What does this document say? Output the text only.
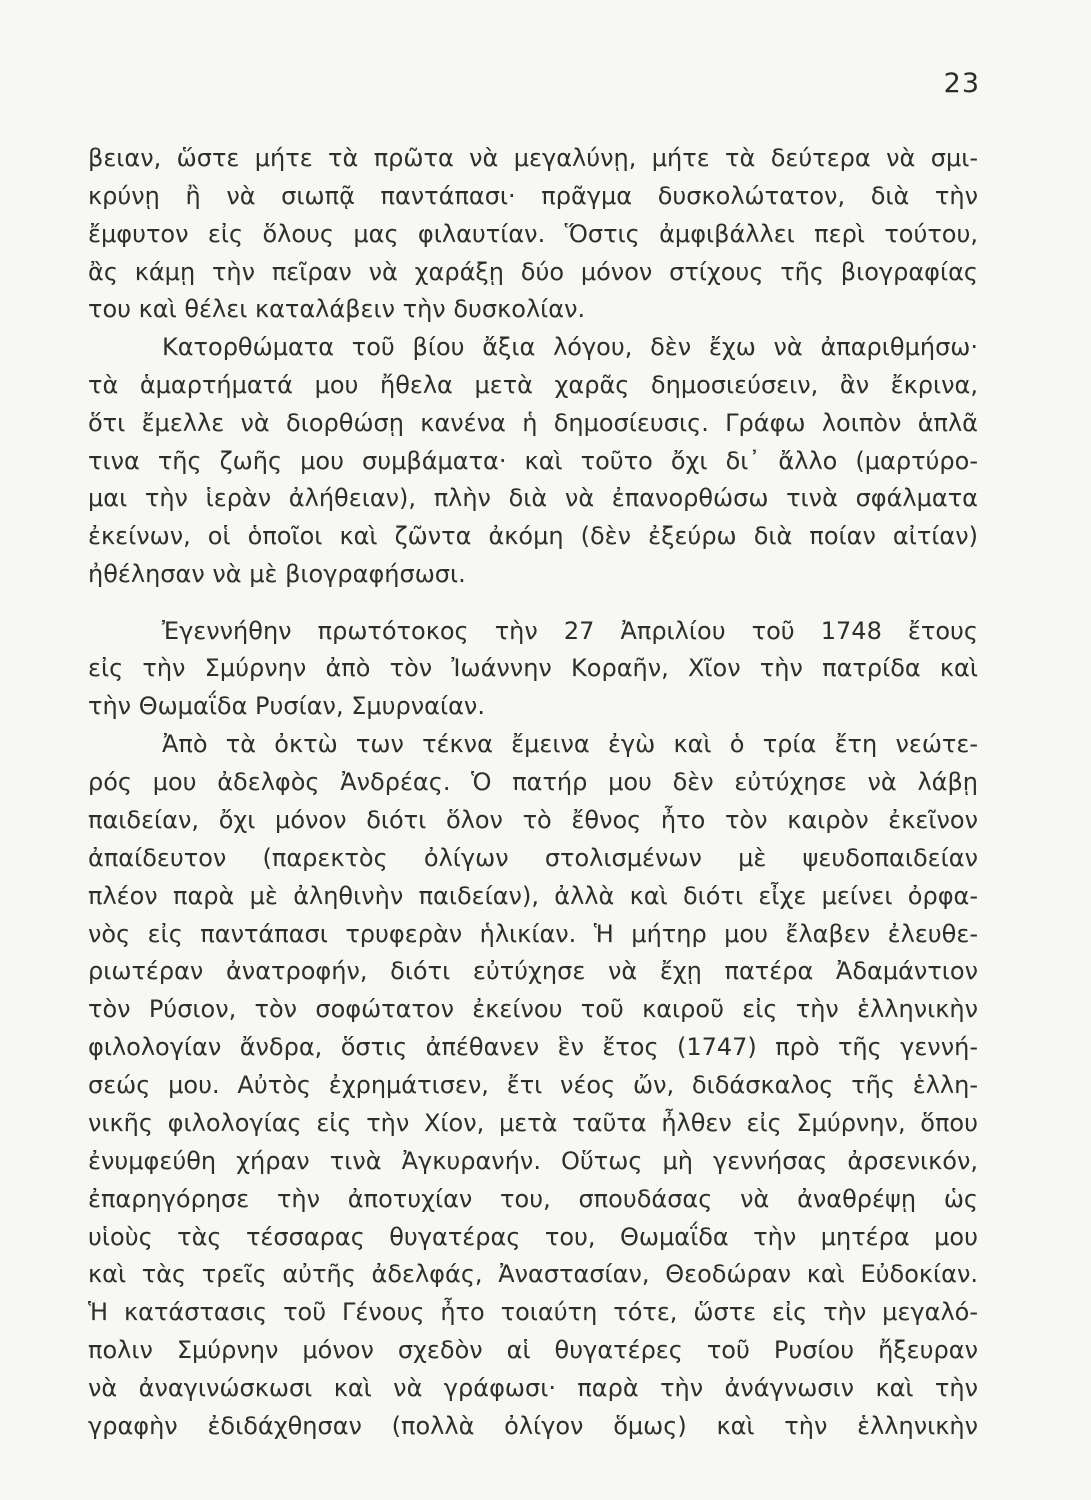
23

βειαν, ὥστε μήτε τὰ πρῶτα νὰ μεγαλύνῃ, μήτε τὰ δεύτερα νὰ σμι-

κρύνῃ ἢ νὰ σιωπᾷ παντάπασι· πρᾶγμα δυσκολώτατον, διὰ τὴν

ἔμφυτον εἰς ὅλους μας φιλαυτίαν. Ὅστις ἀμφιβάλλει περὶ τούτου,

ἂς κάμῃ τὴν πεῖραν νὰ χαράξῃ δύο μόνον στίχους τῆς βιογραφίας

του καὶ θέλει καταλάβειν τὴν δυσκολίαν.

Κατορθώματα τοῦ βίου ἄξια λόγου, δὲν ἔχω νὰ ἀπαριθμήσω·

τὰ ἁμαρτήματά μου ἤθελα μετὰ χαρᾶς δημοσιεύσειν, ἂν ἔκρινα,

ὅτι ἔμελλε νὰ διορθώσῃ κανένα ἡ δημοσίευσις. Γράφω λοιπὸν ἁπλᾶ

τινα τῆς ζωῆς μου συμβάματα· καὶ τοῦτο ὄχι δι᾿ ἄλλο (μαρτύρο-

μαι τὴν ἱερὰν ἀλήθειαν), πλὴν διὰ νὰ ἐπανορθώσω τινὰ σφάλματα

ἐκείνων, οἱ ὁποῖοι καὶ ζῶντα ἀκόμη (δὲν ἐξεύρω διὰ ποίαν αἰτίαν)

ἠθέλησαν νὰ μὲ βιογραφήσωσι.

Ἐγεννήθην πρωτότοκος τὴν 27 Ἀπριλίου τοῦ 1748 ἔτους

εἰς τὴν Σμύρνην ἀπὸ τὸν Ἰωάννην Κοραῆν, Χῖον τὴν πατρίδα καὶ

τὴν Θωμαΐδα Ρυσίαν, Σμυρναίαν.

Ἀπὸ τὰ ὀκτὼ των τέκνα ἔμεινα ἐγὼ καὶ ὁ τρία ἔτη νεώτε-

ρός μου ἀδελφὸς Ἀνδρέας. Ὁ πατήρ μου δὲν εὐτύχησε νὰ λάβῃ

παιδείαν, ὄχι μόνον διότι ὅλον τὸ ἔθνος ἦτο τὸν καιρὸν ἐκεῖνον

ἀπαίδευτον (παρεκτὸς ὀλίγων στολισμένων μὲ ψευδοπαιδείαν

πλέον παρὰ μὲ ἀληθινὴν παιδείαν), ἀλλὰ καὶ διότι εἶχε μείνει ὀρφα-

νὸς εἰς παντάπασι τρυφερὰν ἡλικίαν. Ἡ μήτηρ μου ἔλαβεν ἐλευθε-

ριωτέραν ἀνατροφήν, διότι εὐτύχησε νὰ ἔχῃ πατέρα Ἀδαμάντιον

τὸν Ρύσιον, τὸν σοφώτατον ἐκείνου τοῦ καιροῦ εἰς τὴν ἑλληνικὴν

φιλολογίαν ἄνδρα, ὅστις ἀπέθανεν ἓν ἔτος (1747) πρὸ τῆς γεννή-

σεώς μου. Αὐτὸς ἐχρημάτισεν, ἔτι νέος ὤν, διδάσκαλος τῆς ἑλλη-

νικῆς φιλολογίας εἰς τὴν Χίον, μετὰ ταῦτα ἦλθεν εἰς Σμύρνην, ὅπου

ἐνυμφεύθη χήραν τινὰ Ἀγκυρανήν. Οὕτως μὴ γεννήσας ἀρσενικόν,

ἐπαρηγόρησε τὴν ἀποτυχίαν του, σπουδάσας νὰ ἀναθρέψῃ ὡς

υἱοὺς τὰς τέσσαρας θυγατέρας του, Θωμαΐδα τὴν μητέρα μου

καὶ τὰς τρεῖς αὐτῆς ἀδελφάς, Ἀναστασίαν, Θεοδώραν καὶ Εὐδοκίαν.

Ἡ κατάστασις τοῦ Γένους ἦτο τοιαύτη τότε, ὥστε εἰς τὴν μεγαλό-

πολιν Σμύρνην μόνον σχεδὸν αἱ θυγατέρες τοῦ Ρυσίου ἤξευραν

νὰ ἀναγινώσκωσι καὶ νὰ γράφωσι· παρὰ τὴν ἀνάγνωσιν καὶ τὴν

γραφὴν ἐδιδάχθησαν (πολλὰ ὀλίγον ὅμως) καὶ τὴν ἑλληνικὴν
